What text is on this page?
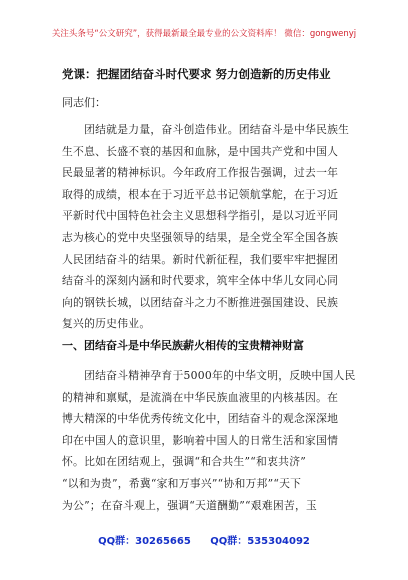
关注头条号“公文研究”，获得最新最全最专业的公文资料库！ 微信：gongwenyj
党课：把握团结奋斗时代要求 努力创造新的历史伟业
同志们：
　　团结就是力量，奋斗创造伟业。团结奋斗是中华民族生
生不息、长盛不衰的基因和血脉，是中国共产党和中国人
民最显著的精神标识。今年政府工作报告强调，过去一年
取得的成绩，根本在于习近平总书记领航掌舵，在于习近
平新时代中国特色社会主义思想科学指引，是以习近平同
志为核心的党中央坚强领导的结果，是全党全军全国各族
人民团结奋斗的结果。新时代新征程，我们要牢牢把握团
结奋斗的深刻内涵和时代要求，筑牢全体中华儿女同心同
向的钢铁长城，以团结奋斗之力不断推进强国建设、民族
复兴的历史伟业。
一、团结奋斗是中华民族薪火相传的宝贵精神财富
　　团结奋斗精神孕育于5000年的中华文明，反映中国人民
的精神和禀赋，是流淌在中华民族血液里的内核基因。在
博大精深的中华优秀传统文化中，团结奋斗的观念深深地
印在中国人的意识里，影响着中国人的日常生活和家国情
怀。比如在团结观上，强调“和合共生”“和衷共济”
“以和为贵”，希冀“家和万事兴”“协和万邦”“天下
为公”；在奋斗观上，强调“天道酬勤”“艰难困苦，玉
QQ群：30265665 QQ群：535304092
